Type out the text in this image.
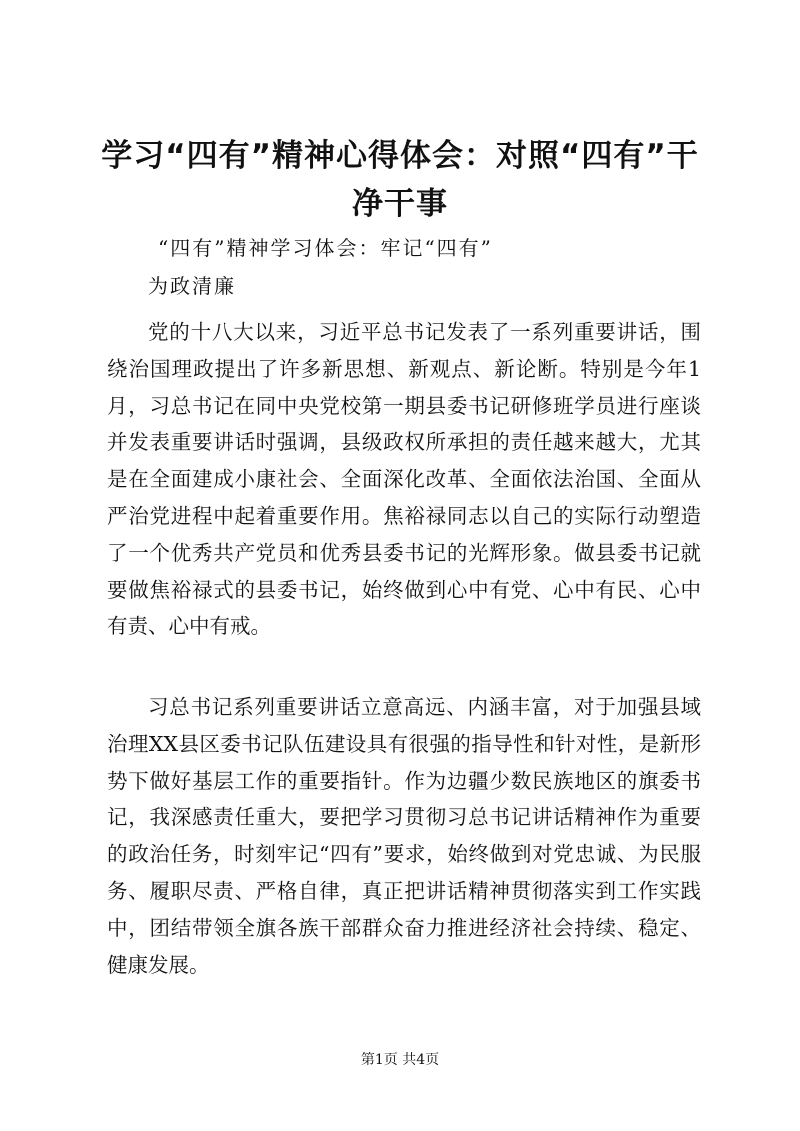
学习“四有”精神心得体会：对照“四有”干净干事

“四有”精神学习体会：牢记“四有”

为政清廉

党的十八大以来，习近平总书记发表了一系列重要讲话，围绕治国理政提出了许多新思想、新观点、新论断。特别是今年1月，习总书记在同中央党校第一期县委书记研修班学员进行座谈并发表重要讲话时强调，县级政权所承担的责任越来越大，尤其是在全面建成小康社会、全面深化改革、全面依法治国、全面从严治党进程中起着重要作用。焦裕禄同志以自己的实际行动塑造了一个优秀共产党员和优秀县委书记的光辉形象。做县委书记就要做焦裕禄式的县委书记，始终做到心中有党、心中有民、心中有责、心中有戒。

习总书记系列重要讲话立意高远、内涵丰富，对于加强县域治理XX县区委书记队伍建设具有很强的指导性和针对性，是新形势下做好基层工作的重要指针。作为边疆少数民族地区的旗委书记，我深感责任重大，要把学习贯彻习总书记讲话精神作为重要的政治任务，时刻牢记“四有”要求，始终做到对党忠诚、为民服务、履职尽责、严格自律，真正把讲话精神贯彻落实到工作实践中，团结带领全旗各族干部群众奋力推进经济社会持续、稳定、健康发展。

第1页 共4页
